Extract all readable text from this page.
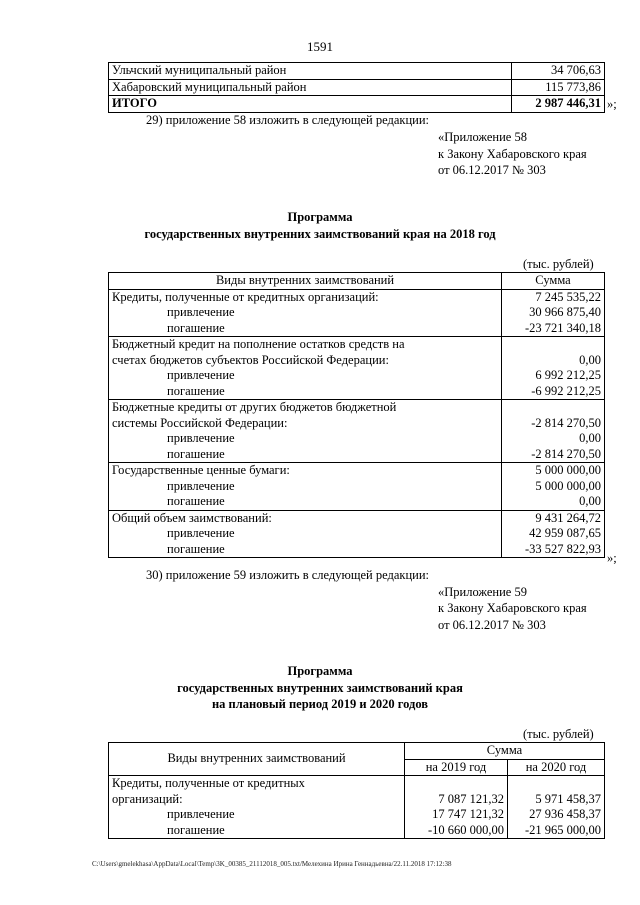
1591
Ульчский муниципальный район	34 706,63
Хабаровский муниципальный район	115 773,86
ИТОГО	2 987 446,31 »;
29) приложение 58 изложить в следующей редакции:
«Приложение 58
к Закону Хабаровского края
от 06.12.2017 № 303
Программа
государственных внутренних заимствований края на 2018 год
(тыс. рублей)
Виды внутренних заимствований	Сумма
Кредиты, полученные от кредитных организаций:	7 245 535,22
привлечение	30 966 875,40
погашение	-23 721 340,18
Бюджетный кредит на пополнение остатков средств на	
счетах бюджетов субъектов Российской Федерации:	0,00
привлечение	6 992 212,25
погашение	-6 992 212,25
Бюджетные кредиты от других бюджетов бюджетной	
системы Российской Федерации:	-2 814 270,50
привлечение	0,00
погашение	-2 814 270,50
Государственные ценные бумаги:	5 000 000,00
привлечение	5 000 000,00
погашение	0,00
Общий объем заимствований:	9 431 264,72
привлечение	42 959 087,65
погашение	-33 527 822,93
»;
30) приложение 59 изложить в следующей редакции:
«Приложение 59
к Закону Хабаровского края
от 06.12.2017 № 303
Программа
государственных внутренних заимствований края
на плановый период 2019 и 2020 годов
(тыс. рублей)
Виды внутренних заимствований	Сумма	
	на 2019 год	на 2020 год
Кредиты, полученные от кредитных		
организаций:	7 087 121,32	5 971 458,37
привлечение	17 747 121,32	27 936 458,37
погашение	-10 660 000,00	-21 965 000,00
C:\Users\gmelekhasa\AppData\Local\Temp\3K_00385_21112018_005.txt/Мелехина Ирина Геннадьевна/22.11.2018 17:12:38
